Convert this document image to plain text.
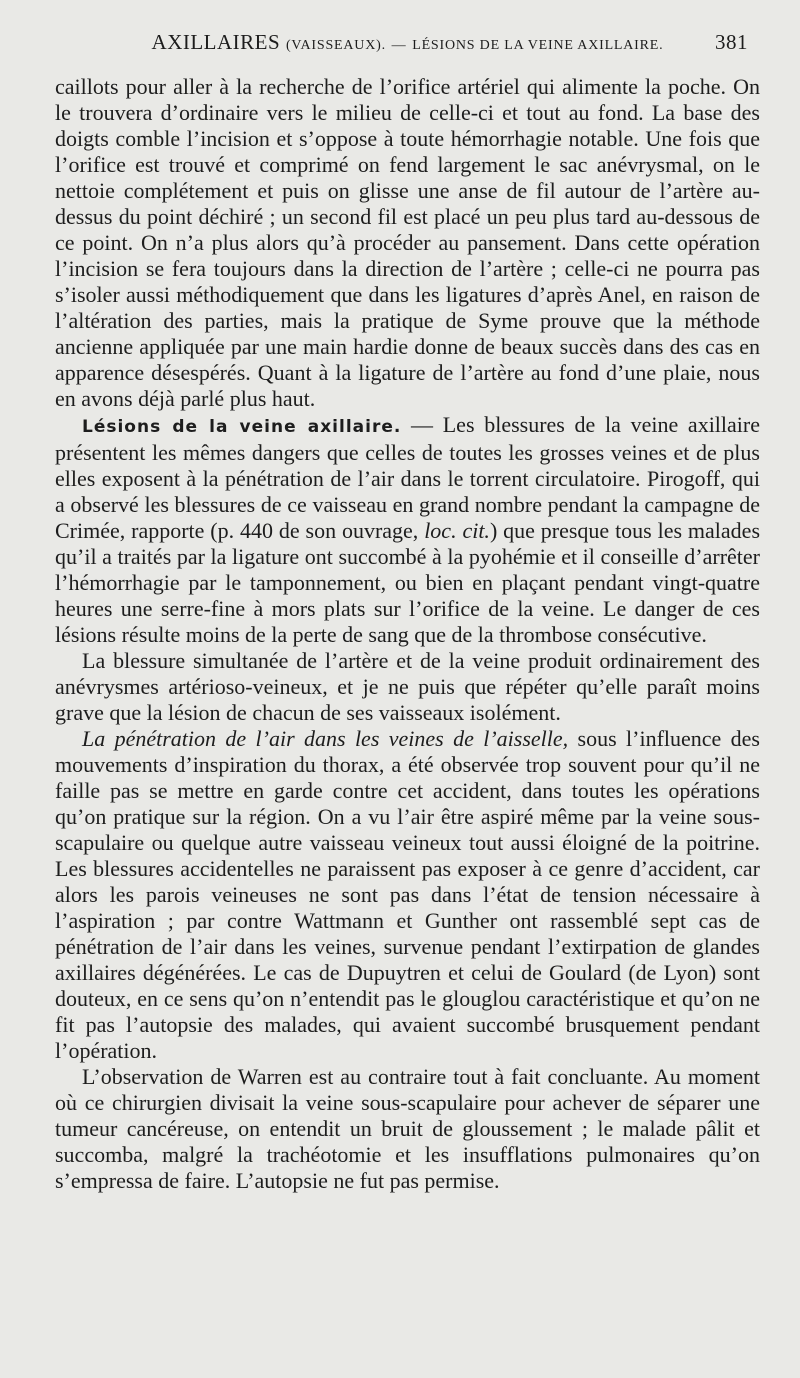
AXILLAIRES (VAISSEAUX). — LÉSIONS DE LA VEINE AXILLAIRE. 381

caillots pour aller à la recherche de l’orifice artériel qui alimente la poche. On le trouvera d’ordinaire vers le milieu de celle-ci et tout au fond. La base des doigts comble l’incision et s’oppose à toute hémorrhagie notable. Une fois que l’orifice est trouvé et comprimé on fend largement le sac anévrysmal, on le nettoie complétement et puis on glisse une anse de fil autour de l’artère au-dessus du point déchiré ; un second fil est placé un peu plus tard au-dessous de ce point. On n’a plus alors qu’à procéder au pansement. Dans cette opération l’incision se fera toujours dans la direction de l’artère ; celle-ci ne pourra pas s’isoler aussi méthodiquement que dans les ligatures d’après Anel, en raison de l’altération des parties, mais la pratique de Syme prouve que la méthode ancienne appliquée par une main hardie donne de beaux succès dans des cas en apparence désespérés. Quant à la ligature de l’artère au fond d’une plaie, nous en avons déjà parlé plus haut.

Lésions de la veine axillaire. — Les blessures de la veine axillaire présentent les mêmes dangers que celles de toutes les grosses veines et de plus elles exposent à la pénétration de l’air dans le torrent circulatoire. Pirogoff, qui a observé les blessures de ce vaisseau en grand nombre pendant la campagne de Crimée, rapporte (p. 440 de son ouvrage, loc. cit.) que presque tous les malades qu’il a traités par la ligature ont succombé à la pyohémie et il conseille d’arrêter l’hémorrhagie par le tamponnement, ou bien en plaçant pendant vingt-quatre heures une serre-fine à mors plats sur l’orifice de la veine. Le danger de ces lésions résulte moins de la perte de sang que de la thrombose consécutive.

La blessure simultanée de l’artère et de la veine produit ordinairement des anévrysmes artérioso-veineux, et je ne puis que répéter qu’elle paraît moins grave que la lésion de chacun de ses vaisseaux isolément.

La pénétration de l’air dans les veines de l’aisselle, sous l’influence des mouvements d’inspiration du thorax, a été observée trop souvent pour qu’il ne faille pas se mettre en garde contre cet accident, dans toutes les opérations qu’on pratique sur la région. On a vu l’air être aspiré même par la veine sous-scapulaire ou quelque autre vaisseau veineux tout aussi éloigné de la poitrine. Les blessures accidentelles ne paraissent pas exposer à ce genre d’accident, car alors les parois veineuses ne sont pas dans l’état de tension nécessaire à l’aspiration ; par contre Wattmann et Gunther ont rassemblé sept cas de pénétration de l’air dans les veines, survenue pendant l’extirpation de glandes axillaires dégénérées. Le cas de Dupuytren et celui de Goulard (de Lyon) sont douteux, en ce sens qu’on n’entendit pas le glouglou caractéristique et qu’on ne fit pas l’autopsie des malades, qui avaient succombé brusquement pendant l’opération.

L’observation de Warren est au contraire tout à fait concluante. Au moment où ce chirurgien divisait la veine sous-scapulaire pour achever de séparer une tumeur cancéreuse, on entendit un bruit de gloussement ; le malade pâlit et succomba, malgré la trachéotomie et les insufflations pulmonaires qu’on s’empressa de faire. L’autopsie ne fut pas permise.
